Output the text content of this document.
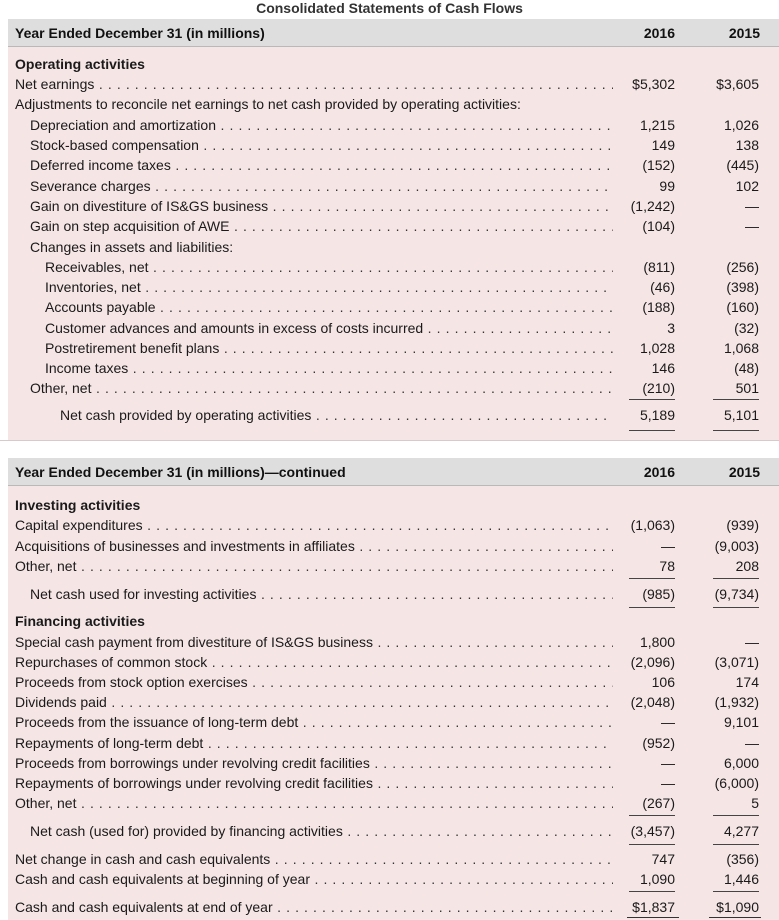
Consolidated Statements of Cash Flows
Year Ended December 31 (in millions)	2016	2015
Operating activities
Net earnings . . .	$5,302	$3,605
Adjustments to reconcile net earnings to net cash provided by operating activities:
Depreciation and amortization . . .	1,215	1,026
Stock-based compensation . . .	149	138
Deferred income taxes . . .	(152)	(445)
Severance charges . . .	99	102
Gain on divestiture of IS&GS business . . .	(1,242)	—
Gain on step acquisition of AWE . . .	(104)	—
Changes in assets and liabilities:
Receivables, net . . .	(811)	(256)
Inventories, net . . .	(46)	(398)
Accounts payable . . .	(188)	(160)
Customer advances and amounts in excess of costs incurred . . .	3	(32)
Postretirement benefit plans . . .	1,028	1,068
Income taxes . . .	146	(48)
Other, net . . .	(210)	501
Net cash provided by operating activities . . .	5,189	5,101
Year Ended December 31 (in millions)—continued	2016	2015
Investing activities
Capital expenditures . . .	(1,063)	(939)
Acquisitions of businesses and investments in affiliates . . .	—	(9,003)
Other, net . . .	78	208
Net cash used for investing activities . . .	(985)	(9,734)
Financing activities
Special cash payment from divestiture of IS&GS business . . .	1,800	—
Repurchases of common stock . . .	(2,096)	(3,071)
Proceeds from stock option exercises . . .	106	174
Dividends paid . . .	(2,048)	(1,932)
Proceeds from the issuance of long-term debt . . .	—	9,101
Repayments of long-term debt . . .	(952)	—
Proceeds from borrowings under revolving credit facilities . . .	—	6,000
Repayments of borrowings under revolving credit facilities . . .	—	(6,000)
Other, net . . .	(267)	5
Net cash (used for) provided by financing activities . . .	(3,457)	4,277
Net change in cash and cash equivalents . . .	747	(356)
Cash and cash equivalents at beginning of year . . .	1,090	1,446
Cash and cash equivalents at end of year . . .	$1,837	$1,090
